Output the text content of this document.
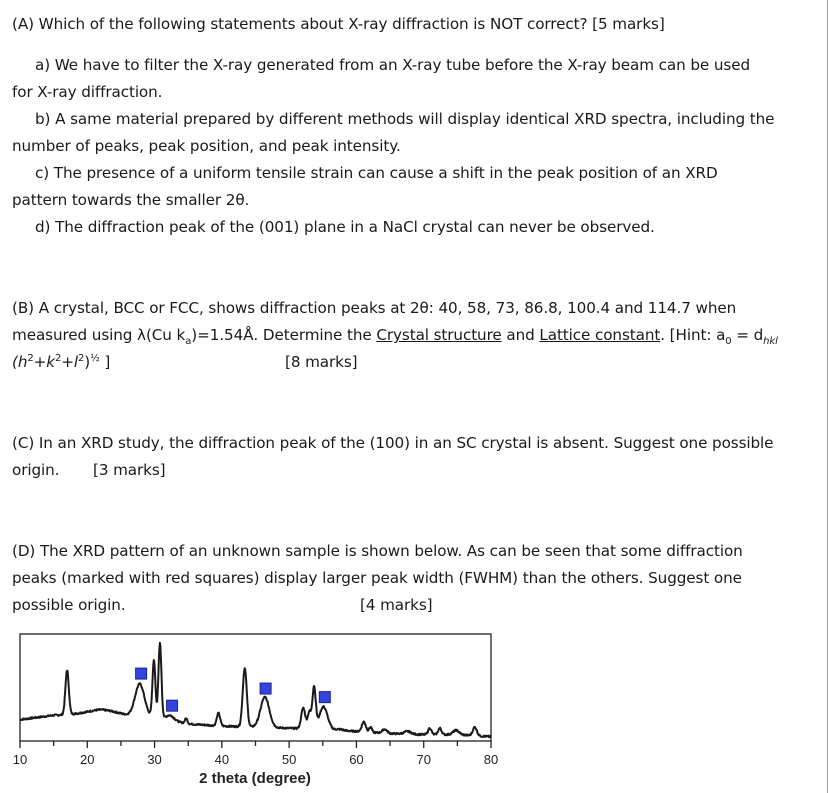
(A) Which of the following statements about X-ray diffraction is NOT correct? [5 marks]
a) We have to filter the X-ray generated from an X-ray tube before the X-ray beam can be used
for X-ray diffraction.
b) A same material prepared by different methods will display identical XRD spectra, including the
number of peaks, peak position, and peak intensity.
c) The presence of a uniform tensile strain can cause a shift in the peak position of an XRD
pattern towards the smaller 2θ.
d) The diffraction peak of the (001) plane in a NaCl crystal can never be observed.
(B) A crystal, BCC or FCC, shows diffraction peaks at 2θ: 40, 58, 73, 86.8, 100.4 and 114.7 when
measured using λ(Cu $k_a)=1.54Å$. Determine the Crystal structure and Lattice constant. [Hint: $a_0 = d_{hkl}$
$(h^2+k^2+l^2)^{\frac{1}{2}}$ ]	[8 marks]
(C) In an XRD study, the diffraction peak of the (100) in an SC crystal is absent. Suggest one possible
origin. [3 marks]
(D) The XRD pattern of an unknown sample is shown below. As can be seen that some diffraction
peaks (marked with red squares) display larger peak width (FWHM) than the others. Suggest one
possible origin.	[4 marks]
10	20	30	40	50	60	70	80
2 theta (degree)
